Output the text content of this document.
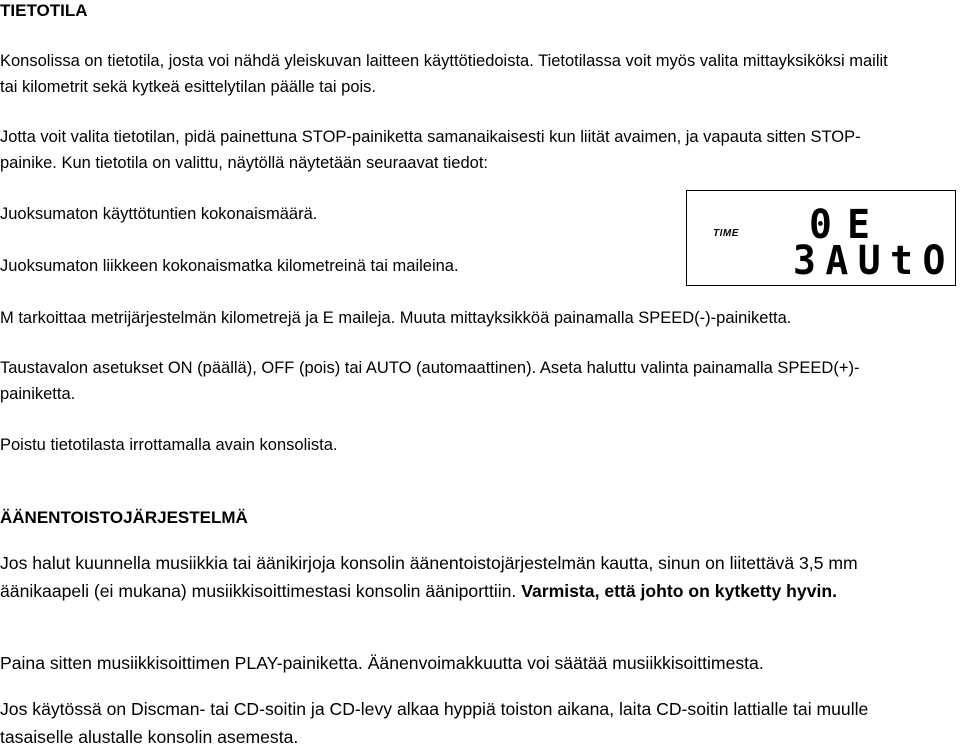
TIETOTILA

Konsolissa on tietotila, josta voi nähdä yleiskuvan laitteen käyttötiedoista. Tietotilassa voit myös valita mittayksiköksi mailit tai kilometrit sekä kytkeä esittelytilan päälle tai pois.

Jotta voit valita tietotilan, pidä painettuna STOP-painiketta samanaikaisesti kun liität avaimen, ja vapauta sitten STOP-painike. Kun tietotila on valittu, näytöllä näytetään seuraavat tiedot:

Juoksumaton käyttötuntien kokonaismäärä.

Juoksumaton liikkeen kokonaismatka kilometreinä tai maileina.

M tarkoittaa metrijärjestelmän kilometrejä ja E maileja. Muuta mittayksikköä painamalla SPEED(-)-painiketta.

Taustavalon asetukset ON (päällä), OFF (pois) tai AUTO (automaattinen). Aseta haluttu valinta painamalla SPEED(+)-painiketta.

Poistu tietotilasta irrottamalla avain konsolista.

TIME 0 E
3AUtO
ÄÄNENTOISTOJÄRJESTELMÄ

Jos halut kuunnella musiikkia tai äänikirjoja konsolin äänentoistojärjestelmän kautta, sinun on liitettävä 3,5 mm äänikaapeli (ei mukana) musiikkisoittimestasi konsolin ääniporttiin. Varmista, että johto on kytketty hyvin.

Paina sitten musiikkisoittimen PLAY-painiketta. Äänenvoimakkuutta voi säätää musiikkisoittimesta.

Jos käytössä on Discman- tai CD-soitin ja CD-levy alkaa hyppiä toiston aikana, laita CD-soitin lattialle tai muulle tasaiselle alustalle konsolin asemesta.
